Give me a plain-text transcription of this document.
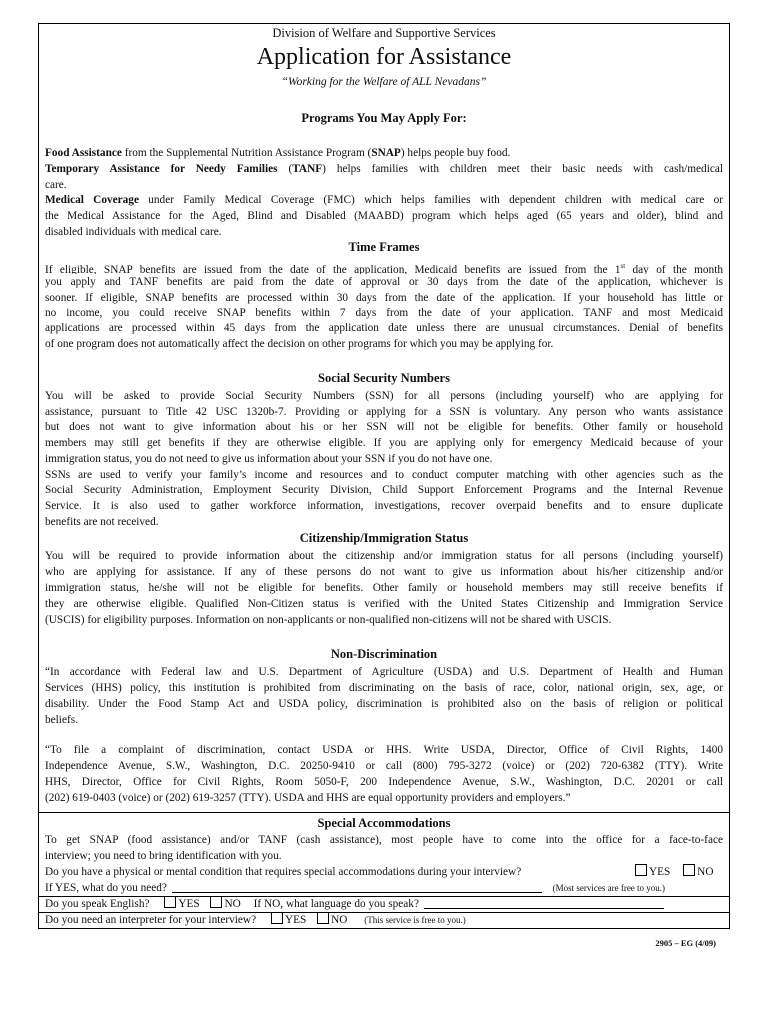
Division of Welfare and Supportive Services
Application for Assistance
“Working for the Welfare of ALL Nevadans”
Programs You May Apply For:
Food Assistance from the Supplemental Nutrition Assistance Program (SNAP) helps people buy food.
Temporary Assistance for Needy Families (TANF) helps families with children meet their basic needs with cash/medical
care.
Medical Coverage under Family Medical Coverage (FMC) which helps families with dependent children with medical care or
the Medical Assistance for the Aged, Blind and Disabled (MAABD) program which helps aged (65 years and older), blind and
disabled individuals with medical care.
Time Frames
If eligible, SNAP benefits are issued from the date of the application, Medicaid benefits are issued from the 1st day of the month
you apply and TANF benefits are paid from the date of approval or 30 days from the date of the application, whichever is
sooner. If eligible, SNAP benefits are processed within 30 days from the date of the application. If your household has little or
no income, you could receive SNAP benefits within 7 days from the date of your application. TANF and most Medicaid
applications are processed within 45 days from the application date unless there are unusual circumstances. Denial of benefits
of one program does not automatically affect the decision on other programs for which you may be applying for.
Social Security Numbers
You will be asked to provide Social Security Numbers (SSN) for all persons (including yourself) who are applying for
assistance, pursuant to Title 42 USC 1320b-7. Providing or applying for a SSN is voluntary. Any person who wants assistance
but does not want to give information about his or her SSN will not be eligible for benefits. Other family or household
members may still get benefits if they are otherwise eligible. If you are applying only for emergency Medicaid because of your
immigration status, you do not need to give us information about your SSN if you do not have one.
SSNs are used to verify your family’s income and resources and to conduct computer matching with other agencies such as the
Social Security Administration, Employment Security Division, Child Support Enforcement Programs and the Internal Revenue
Service. It is also used to gather workforce information, investigations, recover overpaid benefits and to ensure duplicate
benefits are not received.
Citizenship/Immigration Status
You will be required to provide information about the citizenship and/or immigration status for all persons (including yourself)
who are applying for assistance. If any of these persons do not want to give us information about his/her citizenship and/or
immigration status, he/she will not be eligible for benefits. Other family or household members may still receive benefits if
they are otherwise eligible. Qualified Non-Citizen status is verified with the United States Citizenship and Immigration Service
(USCIS) for eligibility purposes. Information on non-applicants or non-qualified non-citizens will not be shared with USCIS.
Non-Discrimination
“In accordance with Federal law and U.S. Department of Agriculture (USDA) and U.S. Department of Health and Human
Services (HHS) policy, this institution is prohibited from discriminating on the basis of race, color, national origin, sex, age, or
disability. Under the Food Stamp Act and USDA policy, discrimination is prohibited also on the basis of religion or political
beliefs.
“To file a complaint of discrimination, contact USDA or HHS. Write USDA, Director, Office of Civil Rights, 1400
Independence Avenue, S.W., Washington, D.C. 20250-9410 or call (800) 795-3272 (voice) or (202) 720-6382 (TTY). Write
HHS, Director, Office for Civil Rights, Room 5050-F, 200 Independence Avenue, S.W., Washington, D.C. 20201 or call
(202) 619-0403 (voice) or (202) 619-3257 (TTY). USDA and HHS are equal opportunity providers and employers.”
Special Accommodations
To get SNAP (food assistance) and/or TANF (cash assistance), most people have to come into the office for a face-to-face
interview; you need to bring identification with you.
Do you have a physical or mental condition that requires special accommodations during your interview?	YES NO
If YES, what do you need?	(Most services are free to you.)
Do you speak English?	YES NO If NO, what language do you speak?
Do you need an interpreter for your interview?	YES NO (This service is free to you.)
2905 – EG (4/09)
